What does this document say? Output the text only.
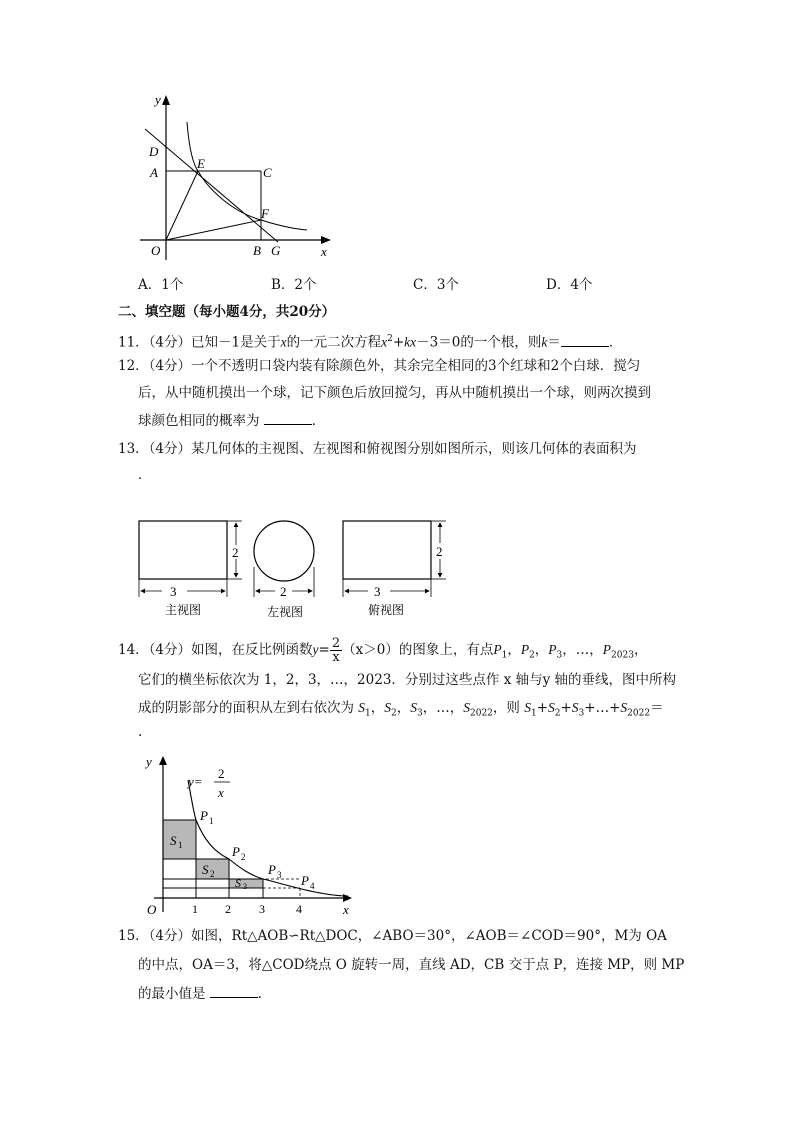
y
D
E
A	C
F
O	B G	x
A．1个	B．2个	C．3个	D．4个
二、填空题（每小题4分，共20分）
11．（4分）已知－1是关于x的一元二次方程$x^2+kx-3=0$的一个根，则k＝	．
12．（4分）一个不透明口袋内装有除颜色外，其余完全相同的3个红球和2个白球．搅匀
后，从中随机摸出一个球，记下颜色后放回搅匀，再从中随机摸出一个球，则两次摸到
球颜色相同的概率为	．
13．（4分）某几何体的主视图、左视图和俯视图分别如图所示，则该几何体的表面积为
．
3
2
主视图
2
左视图
3
2
俯视图
14．（4分）如图，在反比例函数$y= \frac{2}{x} (x>0)$的图象上，有点$P_1$，$P_2$，$P_3$，…，$P_{2023}$，
它们的横坐标依次为 1，2，3，…，2023．分别过这些点作 x 轴与y 轴的垂线，图中所构
成的阴影部分的面积从左到右依次为 $S_1$，$S_2$，$S_3$，…，$S_{2022}$，则 $S_1+S_2+S_3+\dots+S_{2022}=$
.
y
y=
2
x
P 1
P 2
P 3 P 4
S 1
S 2
S 3
O	1 2 3	4	x
15．（4分）如图，Rt△AOB∽Rt△DOC，∠ABO＝30°，∠AOB＝∠COD＝90°，M为 OA
的中点，OA＝3，将△COD绕点 O 旋转一周，直线 AD，CB 交于点 P，连接 MP，则 MP
的最小值是	．
